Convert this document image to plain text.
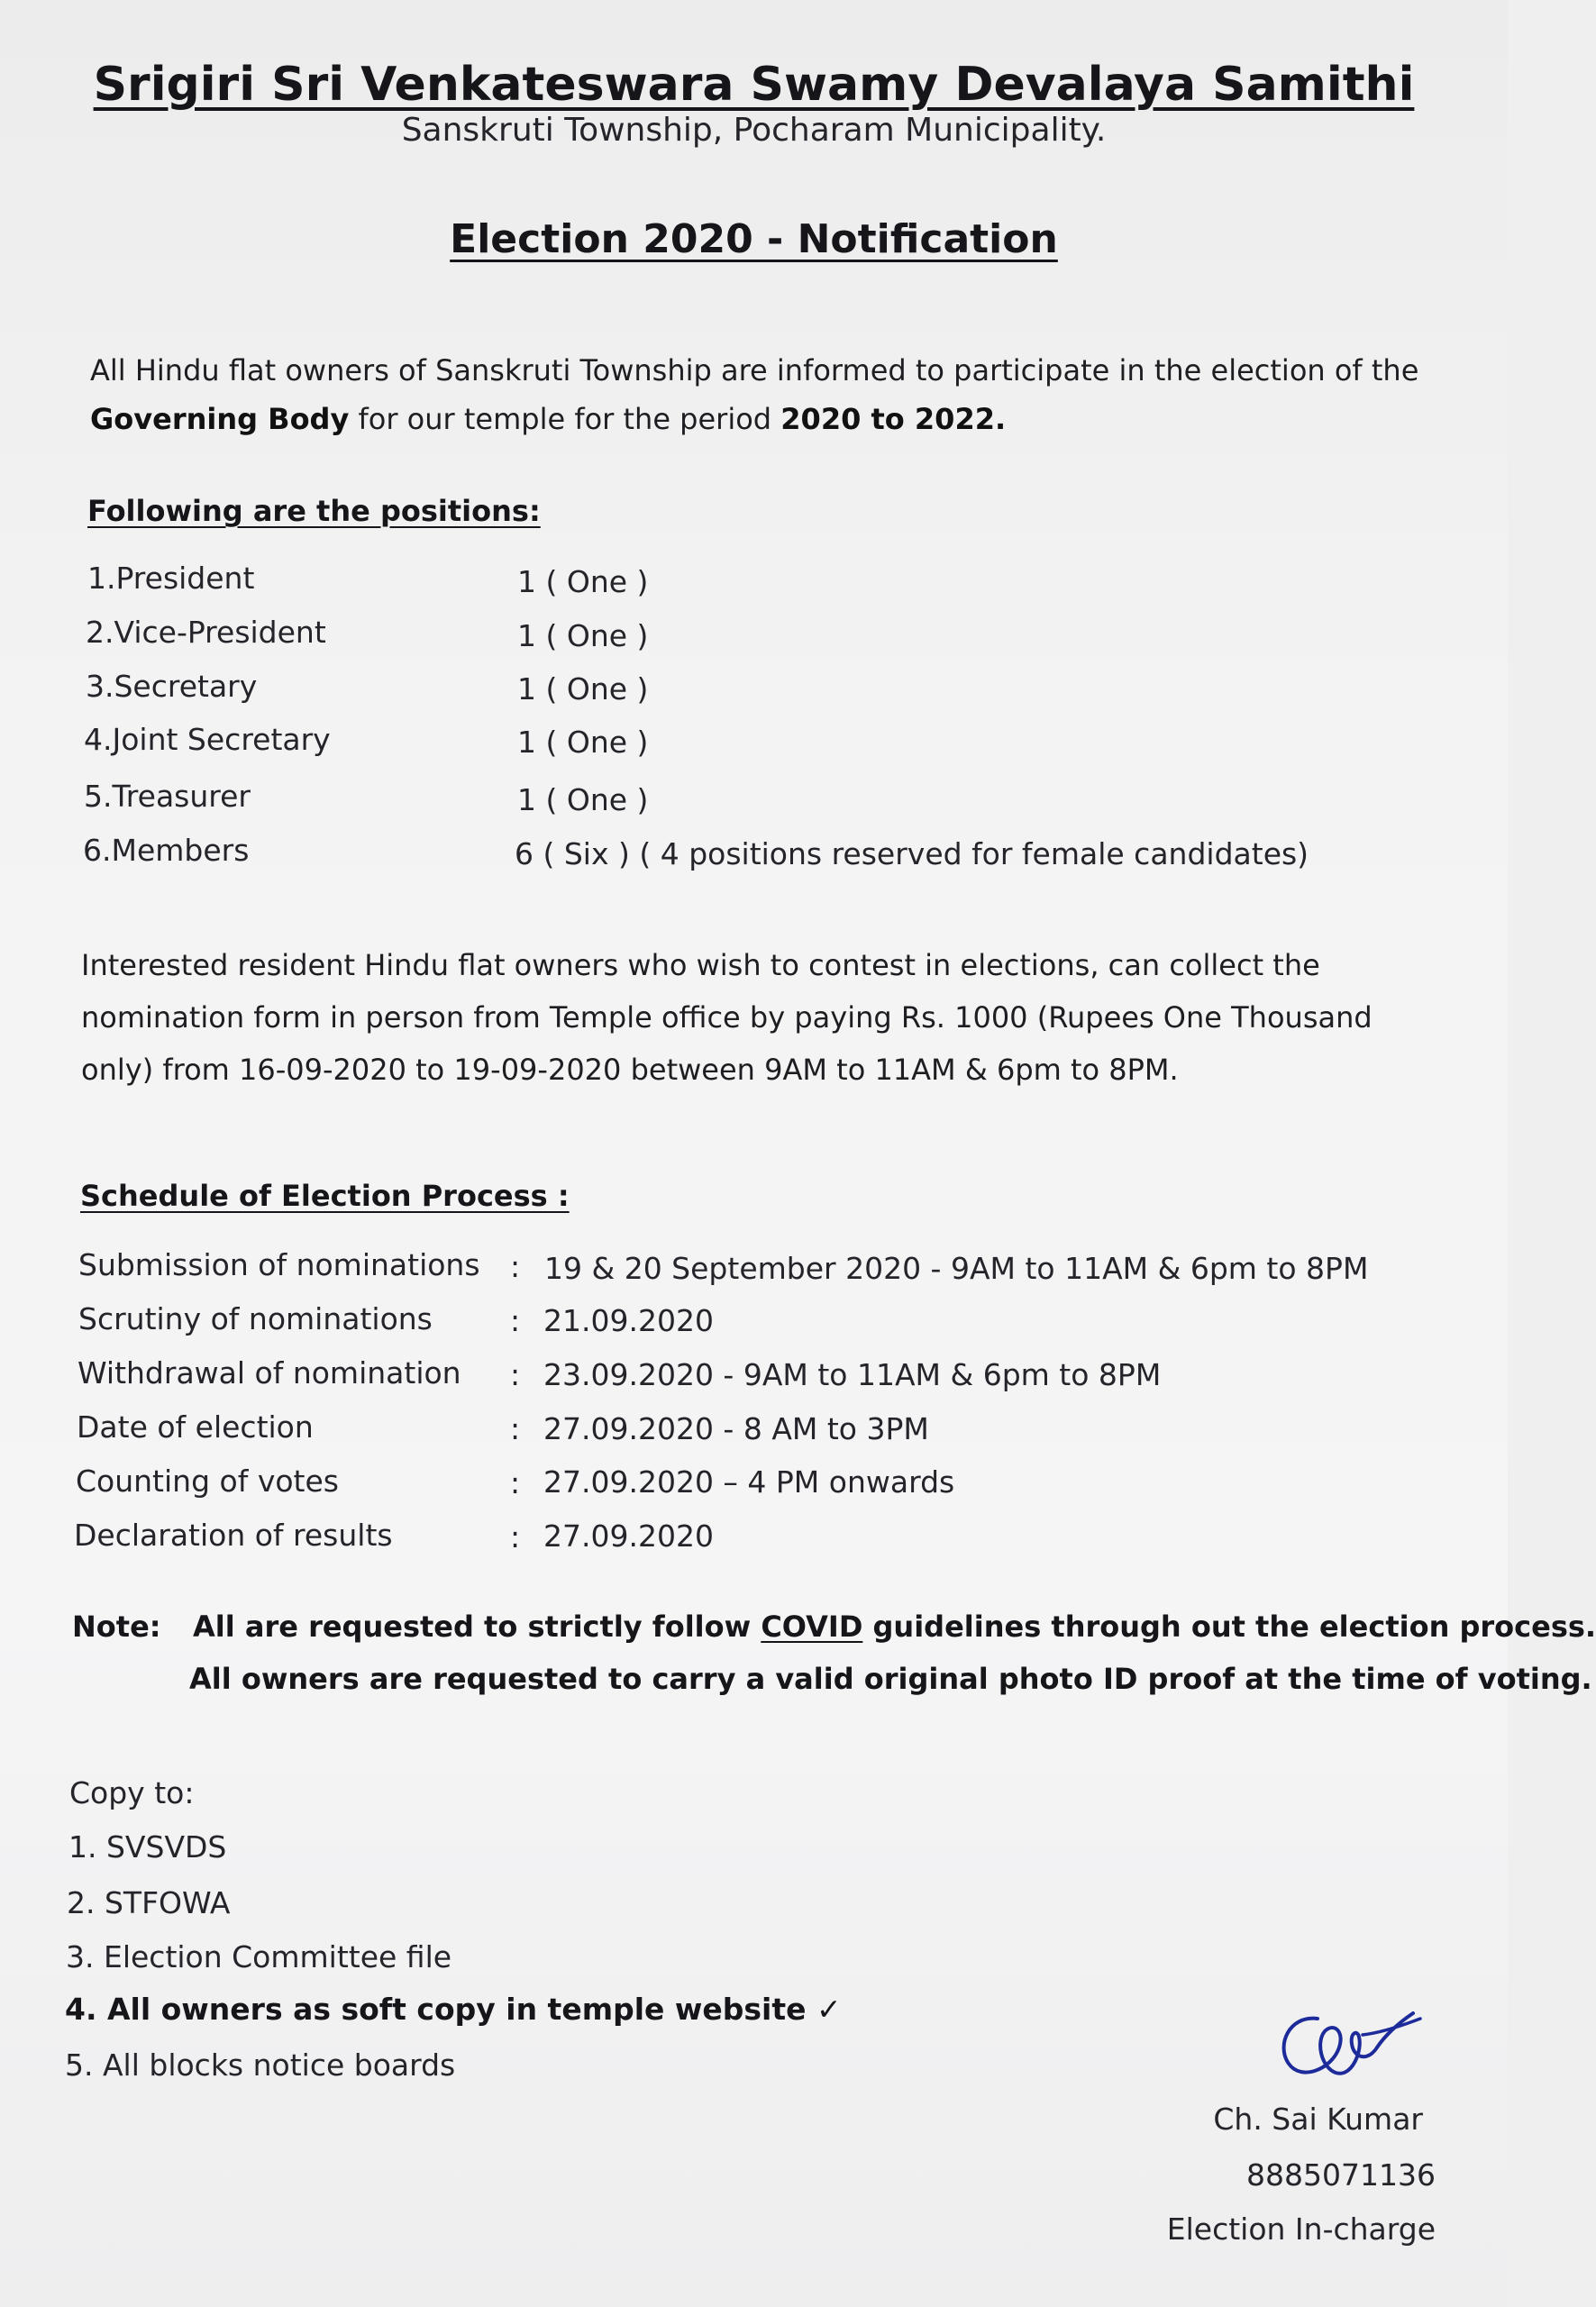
Srigiri Sri Venkateswara Swamy Devalaya Samithi
Sanskruti Township, Pocharam Municipality.
Election 2020 - Notification
All Hindu flat owners of Sanskruti Township are informed to participate in the election of the Governing Body for our temple for the period 2020 to 2022.
Following are the positions:
1.President	1 ( One )
2.Vice-President	1 ( One )
3.Secretary	1 ( One )
4.Joint Secretary	1 ( One )
5.Treasurer	1 ( One )
6.Members	6 ( Six ) ( 4 positions reserved for female candidates)
Interested resident Hindu flat owners who wish to contest in elections, can collect the nomination form in person from Temple office by paying Rs. 1000 (Rupees One Thousand only) from 16-09-2020 to 19-09-2020 between 9AM to 11AM & 6pm to 8PM.
Schedule of Election Process :
Submission of nominations : 19 & 20 September 2020 - 9AM to 11AM & 6pm to 8PM
Scrutiny of nominations	: 21.09.2020
Withdrawal of nomination : 23.09.2020 - 9AM to 11AM & 6pm to 8PM
Date of election	: 27.09.2020 - 8 AM to 3PM
Counting of votes	: 27.09.2020 – 4 PM onwards
Declaration of results	: 27.09.2020
Note: All are requested to strictly follow COVID guidelines through out the election process.
All owners are requested to carry a valid original photo ID proof at the time of voting.
Copy to:
1. SVSVDS
2. STFOWA
3. Election Committee file
4. All owners as soft copy in temple website ✓
5. All blocks notice boards
Ch. Sai Kumar
8885071136
Election In-charge
